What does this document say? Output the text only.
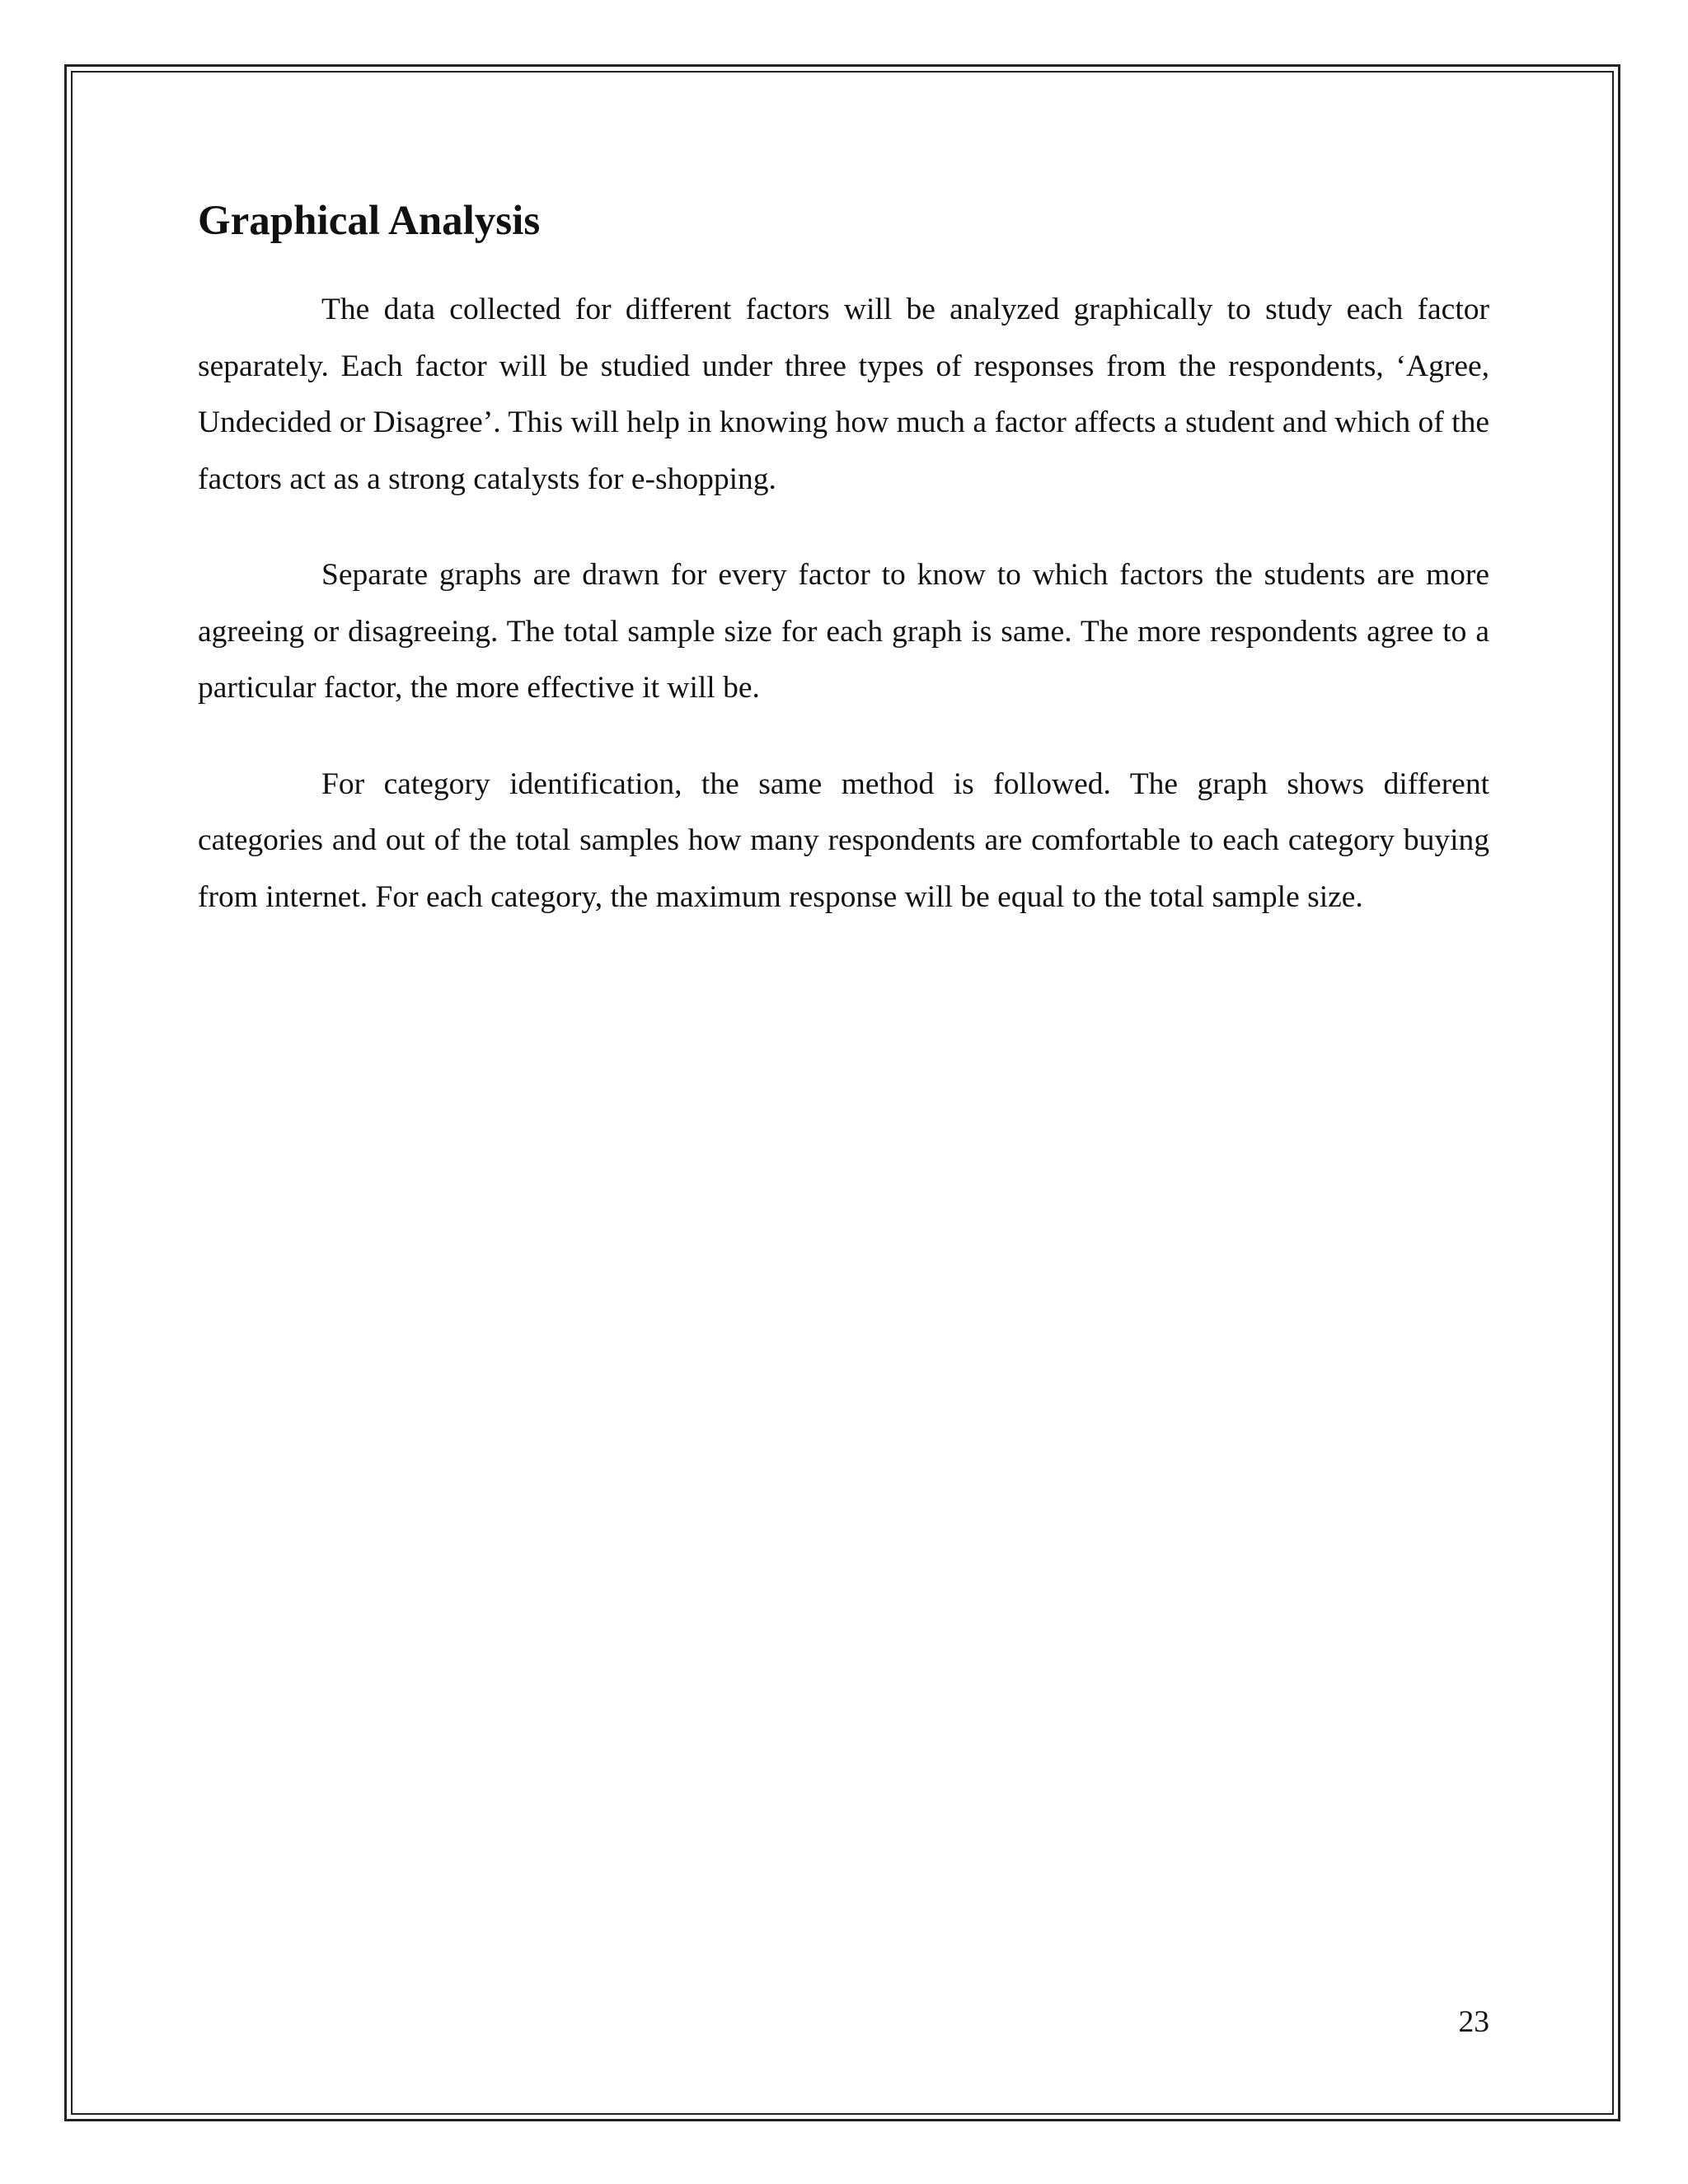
Graphical Analysis

The data collected for different factors will be analyzed graphically to study each factor separately. Each factor will be studied under three types of responses from the respondents, ‘Agree, Undecided or Disagree’. This will help in knowing how much a factor affects a student and which of the factors act as a strong catalysts for e-shopping.

Separate graphs are drawn for every factor to know to which factors the students are more agreeing or disagreeing. The total sample size for each graph is same. The more respondents agree to a particular factor, the more effective it will be.

For category identification, the same method is followed. The graph shows different categories and out of the total samples how many respondents are comfortable to each category buying from internet. For each category, the maximum response will be equal to the total sample size.

23
